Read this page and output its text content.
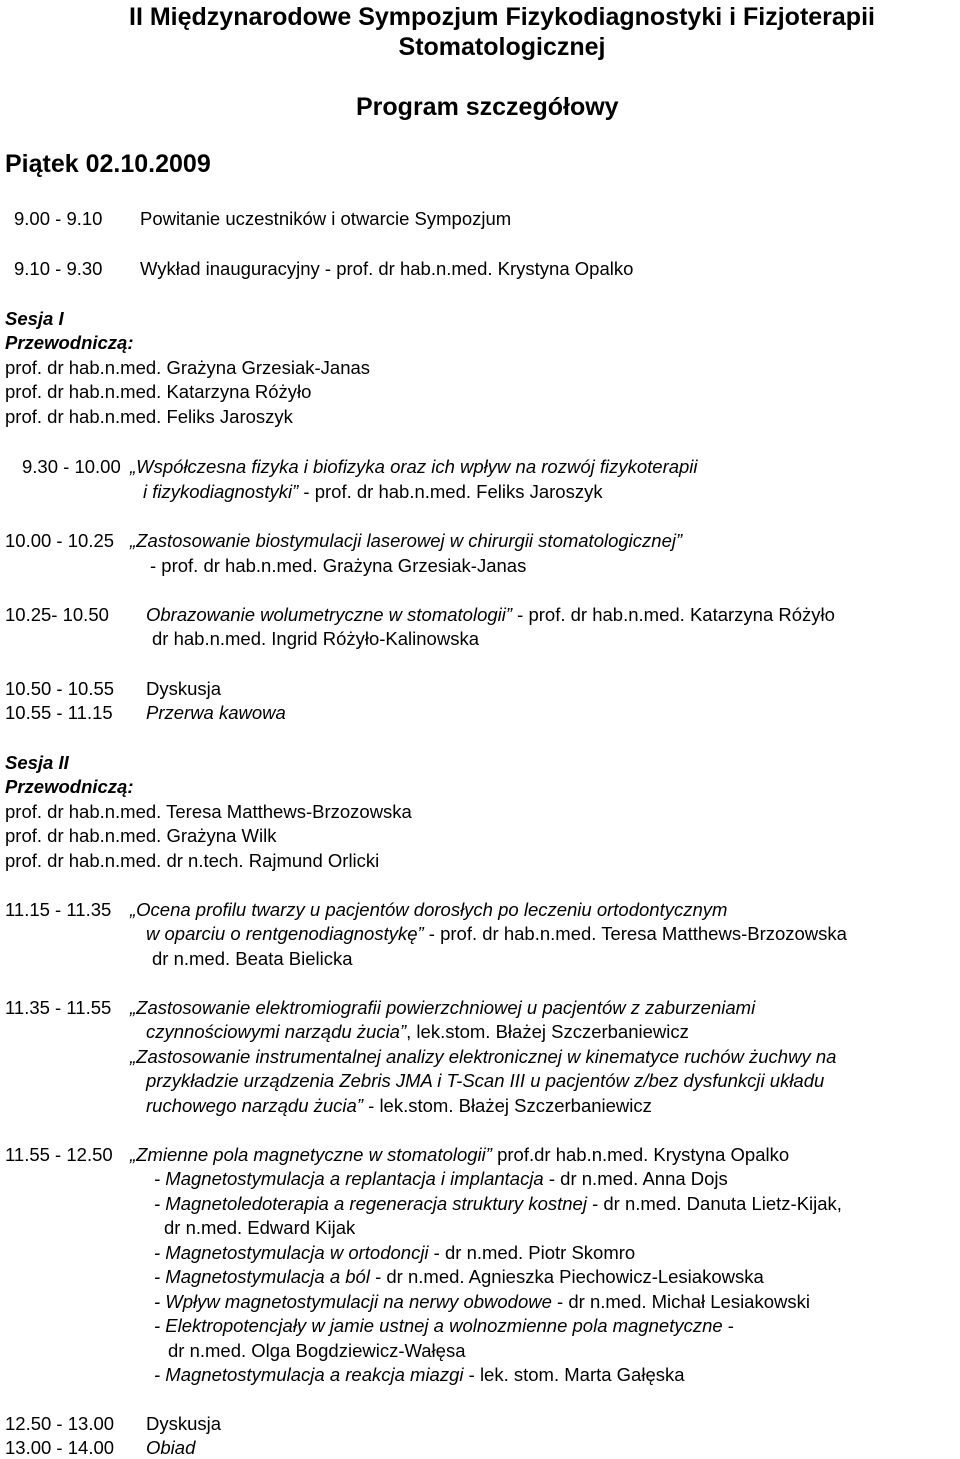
II Międzynarodowe Sympozjum Fizykodiagnostyki i Fizjoterapii
Stomatologicznej
Program szczegółowy
Piątek 02.10.2009
9.00 - 9.10 Powitanie uczestników i otwarcie Sympozjum
9.10 - 9.30 Wykład inauguracyjny - prof. dr hab.n.med. Krystyna Opalko
Sesja I
Przewodniczą:
prof. dr hab.n.med. Grażyna Grzesiak-Janas
prof. dr hab.n.med. Katarzyna Różyło
prof. dr hab.n.med. Feliks Jaroszyk
9.30 - 10.00 „Współczesna fizyka i biofizyka oraz ich wpływ na rozwój fizykoterapii
i fizykodiagnostyki” - prof. dr hab.n.med. Feliks Jaroszyk
10.00 - 10.25 „Zastosowanie biostymulacji laserowej w chirurgii stomatologicznej”
- prof. dr hab.n.med. Grażyna Grzesiak-Janas
10.25- 10.50 Obrazowanie wolumetryczne w stomatologii” - prof. dr hab.n.med. Katarzyna Różyło
dr hab.n.med. Ingrid Różyło-Kalinowska
10.50 - 10.55 Dyskusja
10.55 - 11.15 Przerwa kawowa
Sesja II
Przewodniczą:
prof. dr hab.n.med. Teresa Matthews-Brzozowska
prof. dr hab.n.med. Grażyna Wilk
prof. dr hab.n.med. dr n.tech. Rajmund Orlicki
11.15 - 11.35 „Ocena profilu twarzy u pacjentów dorosłych po leczeniu ortodontycznym
w oparciu o rentgenodiagnostykę” - prof. dr hab.n.med. Teresa Matthews-Brzozowska
dr n.med. Beata Bielicka
11.35 - 11.55 „Zastosowanie elektromiografii powierzchniowej u pacjentów z zaburzeniami
czynnościowymi narządu żucia”, lek.stom. Błażej Szczerbaniewicz
„Zastosowanie instrumentalnej analizy elektronicznej w kinematyce ruchów żuchwy na
przykładzie urządzenia Zebris JMA i T-Scan III u pacjentów z/bez dysfunkcji układu
ruchowego narządu żucia” - lek.stom. Błażej Szczerbaniewicz
11.55 - 12.50 „Zmienne pola magnetyczne w stomatologii” prof.dr hab.n.med. Krystyna Opalko
- Magnetostymulacja a replantacja i implantacja - dr n.med. Anna Dojs
- Magnetoledoterapia a regeneracja struktury kostnej - dr n.med. Danuta Lietz-Kijak,
dr n.med. Edward Kijak
- Magnetostymulacja w ortodoncji - dr n.med. Piotr Skomro
- Magnetostymulacja a ból - dr n.med. Agnieszka Piechowicz-Lesiakowska
- Wpływ magnetostymulacji na nerwy obwodowe - dr n.med. Michał Lesiakowski
- Elektropotencjały w jamie ustnej a wolnozmienne pola magnetyczne -
dr n.med. Olga Bogdziewicz-Wałęsa
- Magnetostymulacja a reakcja miazgi - lek. stom. Marta Gałęska
12.50 - 13.00 Dyskusja
13.00 - 14.00 Obiad
